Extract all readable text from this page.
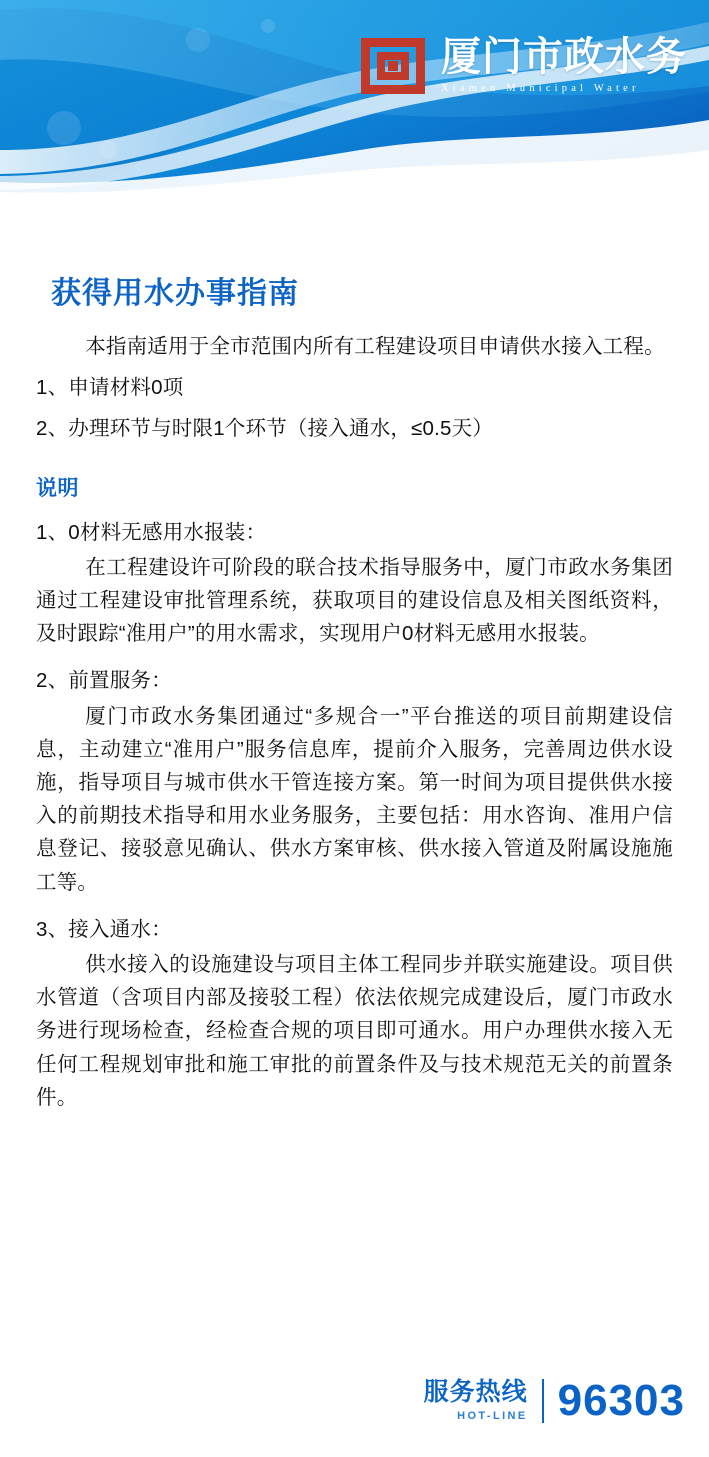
厦门市政水务
Xiamen Municipal Water
获得用水办事指南

本指南适用于全市范围内所有工程建设项目申请供水接入工程。

1、申请材料0项

2、办理环节与时限1个环节（接入通水，≤0.5天）

说明

1、0材料无感用水报装：

在工程建设许可阶段的联合技术指导服务中，厦门市政水务集团通过工程建设审批管理系统，获取项目的建设信息及相关图纸资料，及时跟踪“准用户”的用水需求，实现用户0材料无感用水报装。

2、前置服务：

厦门市政水务集团通过“多规合一”平台推送的项目前期建设信息，主动建立“准用户”服务信息库，提前介入服务，完善周边供水设施，指导项目与城市供水干管连接方案。第一时间为项目提供供水接入的前期技术指导和用水业务服务，主要包括：用水咨询、准用户信息登记、接驳意见确认、供水方案审核、供水接入管道及附属设施施工等。

3、接入通水：

供水接入的设施建设与项目主体工程同步并联实施建设。项目供水管道（含项目内部及接驳工程）依法依规完成建设后，厦门市政水务进行现场检查，经检查合规的项目即可通水。用户办理供水接入无任何工程规划审批和施工审批的前置条件及与技术规范无关的前置条件。

服务热线
HOT-LINE 96303
